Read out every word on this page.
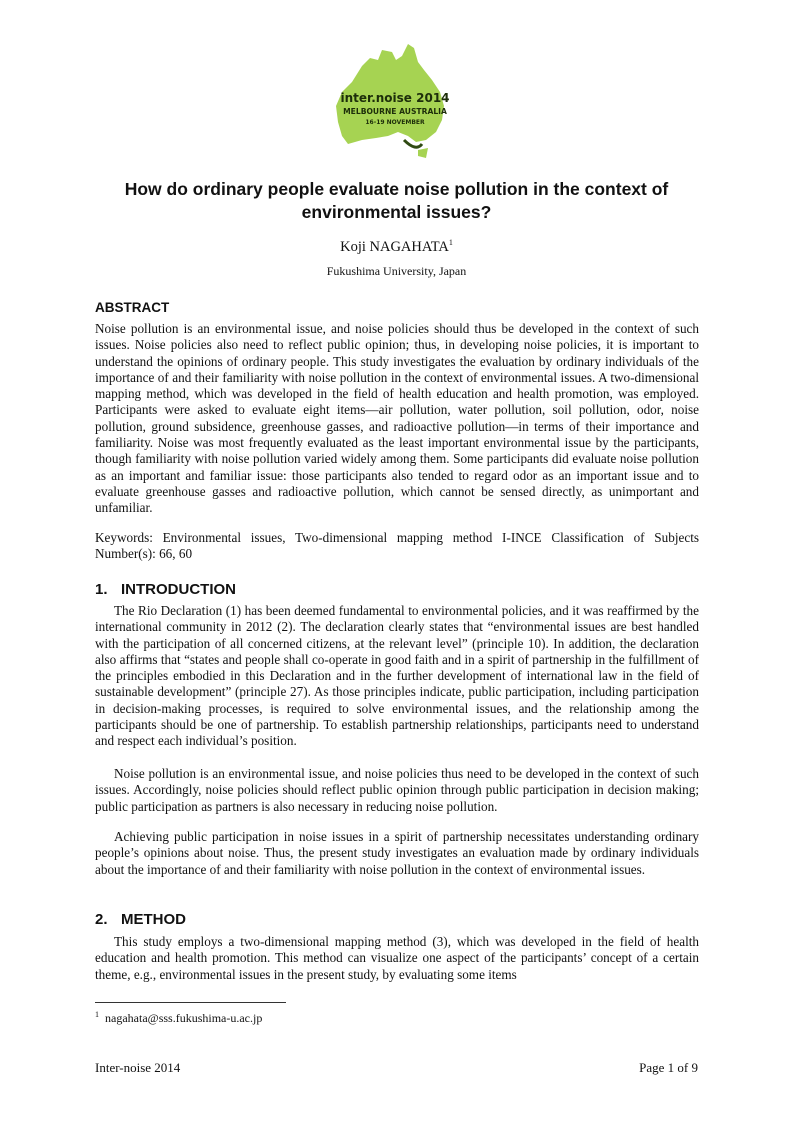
inter.noise 2014
MELBOURNE AUSTRALIA
16-19 NOVEMBER
How do ordinary people evaluate noise pollution in the context of environmental issues?
Koji NAGAHATA$^1$
Fukushima University, Japan
ABSTRACT

Noise pollution is an environmental issue, and noise policies should thus be developed in the context of such issues. Noise policies also need to reflect public opinion; thus, in developing noise policies, it is important to understand the opinions of ordinary people. This study investigates the evaluation by ordinary individuals of the importance of and their familiarity with noise pollution in the context of environmental issues. A two-dimensional mapping method, which was developed in the field of health education and health promotion, was employed. Participants were asked to evaluate eight items—air pollution, water pollution, soil pollution, odor, noise pollution, ground subsidence, greenhouse gasses, and radioactive pollution—in terms of their importance and familiarity. Noise was most frequently evaluated as the least important environmental issue by the participants, though familiarity with noise pollution varied widely among them. Some participants did evaluate noise pollution as an important and familiar issue: those participants also tended to regard odor as an important issue and to evaluate greenhouse gasses and radioactive pollution, which cannot be sensed directly, as unimportant and unfamiliar.

Keywords: Environmental issues, Two-dimensional mapping method I-INCE Classification of Subjects Number(s): 66, 60

1. INTRODUCTION

The Rio Declaration (1) has been deemed fundamental to environmental policies, and it was reaffirmed by the international community in 2012 (2). The declaration clearly states that “environmental issues are best handled with the participation of all concerned citizens, at the relevant level” (principle 10). In addition, the declaration also affirms that “states and people shall co-operate in good faith and in a spirit of partnership in the fulfillment of the principles embodied in this Declaration and in the further development of international law in the field of sustainable development” (principle 27). As those principles indicate, public participation, including participation in decision-making processes, is required to solve environmental issues, and the relationship among the participants should be one of partnership. To establish partnership relationships, participants need to understand and respect each individual’s position.

Noise pollution is an environmental issue, and noise policies thus need to be developed in the context of such issues. Accordingly, noise policies should reflect public opinion through public participation in decision making; public participation as partners is also necessary in reducing noise pollution.

Achieving public participation in noise issues in a spirit of partnership necessitates understanding ordinary people’s opinions about noise. Thus, the present study investigates an evaluation made by ordinary individuals about the importance of and their familiarity with noise pollution in the context of environmental issues.

2. METHOD

This study employs a two-dimensional mapping method (3), which was developed in the field of health education and health promotion. This method can visualize one aspect of the participants’ concept of a certain theme, e.g., environmental issues in the present study, by evaluating some items

$^1$ nagahata@sss.fukushima-u.ac.jp
Inter-noise 2014	Page 1 of 9
